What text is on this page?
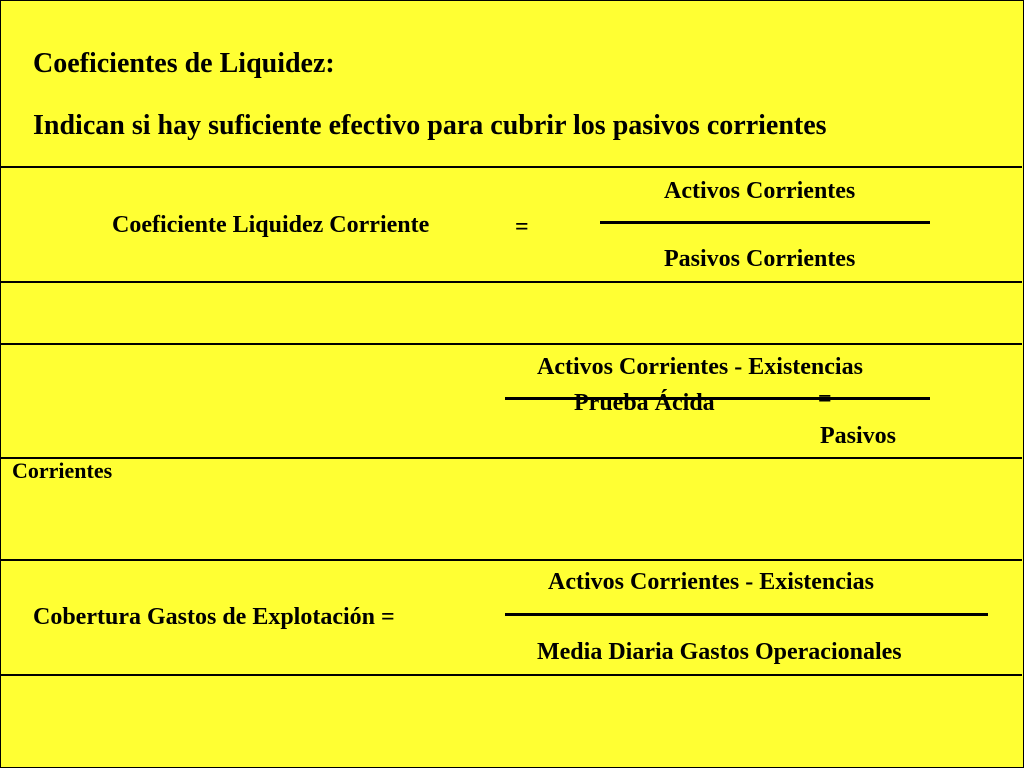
Coeficientes de Liquidez:
Indican si hay suficiente efectivo para cubrir los pasivos corrientes
Activos Corrientes
Coeficiente Liquidez Corriente	=
Pasivos Corrientes
Activos Corrientes - Existencias
Prueba Ácida	=
Pasivos
Corrientes
Activos Corrientes - Existencias
Cobertura Gastos de Explotación =
Media Diaria Gastos Operacionales
